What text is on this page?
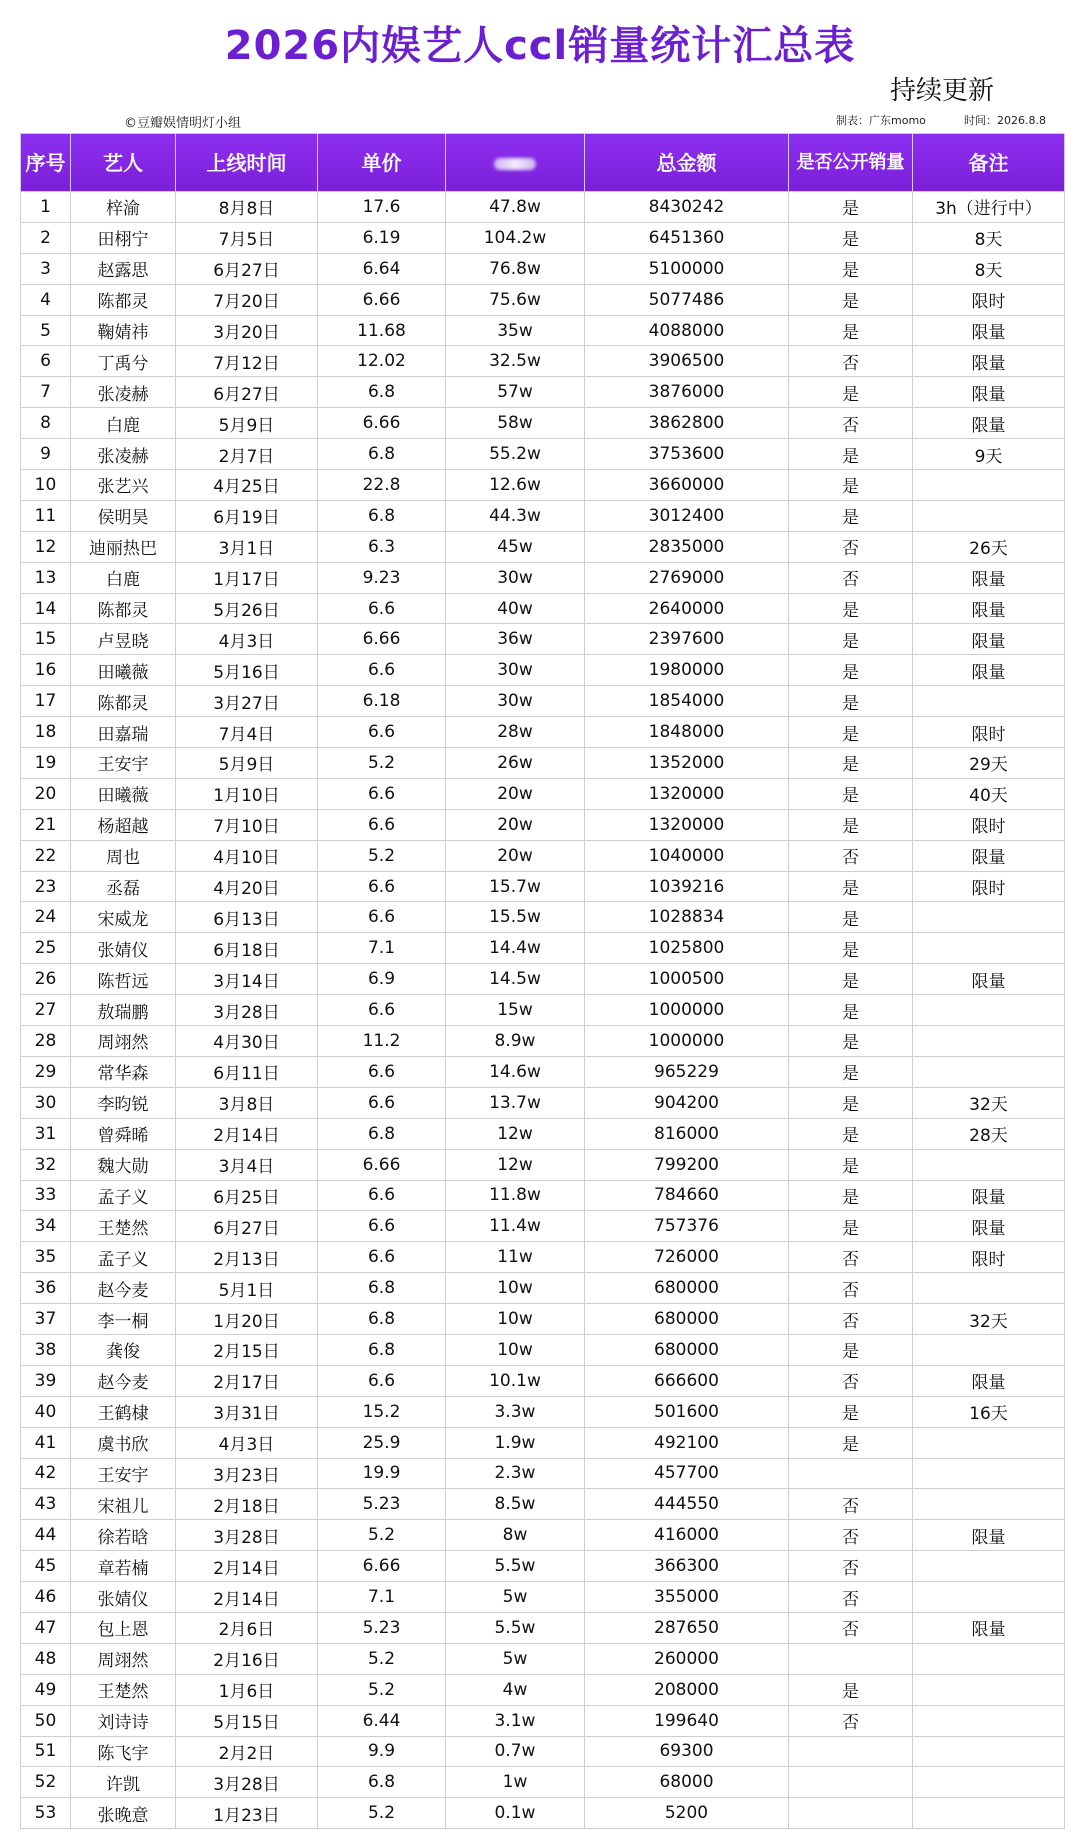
2026内娱艺人ccl销量统计汇总表
持续更新
©豆瓣娱情明灯小组	制表：广东momo	时间：2026.8.8
序号	艺人	上线时间	单价		总金额	是否公开销量	备注
1	梓渝	8月8日	17.6	47.8w	8430242	是	3h（进行中）
2	田栩宁	7月5日	6.19	104.2w	6451360	是	8天
3	赵露思	6月27日	6.64	76.8w	5100000	是	8天
4	陈都灵	7月20日	6.66	75.6w	5077486	是	限时
5	鞠婧祎	3月20日	11.68	35w	4088000	是	限量
6	丁禹兮	7月12日	12.02	32.5w	3906500	否	限量
7	张凌赫	6月27日	6.8	57w	3876000	是	限量
8	白鹿	5月9日	6.66	58w	3862800	否	限量
9	张凌赫	2月7日	6.8	55.2w	3753600	是	9天
10	张艺兴	4月25日	22.8	12.6w	3660000	是	
11	侯明昊	6月19日	6.8	44.3w	3012400	是	
12	迪丽热巴	3月1日	6.3	45w	2835000	否	26天
13	白鹿	1月17日	9.23	30w	2769000	否	限量
14	陈都灵	5月26日	6.6	40w	2640000	是	限量
15	卢昱晓	4月3日	6.66	36w	2397600	是	限量
16	田曦薇	5月16日	6.6	30w	1980000	是	限量
17	陈都灵	3月27日	6.18	30w	1854000	是	
18	田嘉瑞	7月4日	6.6	28w	1848000	是	限时
19	王安宇	5月9日	5.2	26w	1352000	是	29天
20	田曦薇	1月10日	6.6	20w	1320000	是	40天
21	杨超越	7月10日	6.6	20w	1320000	是	限时
22	周也	4月10日	5.2	20w	1040000	否	限量
23	丞磊	4月20日	6.6	15.7w	1039216	是	限时
24	宋威龙	6月13日	6.6	15.5w	1028834	是	
25	张婧仪	6月18日	7.1	14.4w	1025800	是	
26	陈哲远	3月14日	6.9	14.5w	1000500	是	限量
27	敖瑞鹏	3月28日	6.6	15w	1000000	是	
28	周翊然	4月30日	11.2	8.9w	1000000	是	
29	常华森	6月11日	6.6	14.6w	965229	是	
30	李昀锐	3月8日	6.6	13.7w	904200	是	32天
31	曾舜晞	2月14日	6.8	12w	816000	是	28天
32	魏大勋	3月4日	6.66	12w	799200	是	
33	孟子义	6月25日	6.6	11.8w	784660	是	限量
34	王楚然	6月27日	6.6	11.4w	757376	是	限量
35	孟子义	2月13日	6.6	11w	726000	否	限时
36	赵今麦	5月1日	6.8	10w	680000	否	
37	李一桐	1月20日	6.8	10w	680000	否	32天
38	龚俊	2月15日	6.8	10w	680000	是	
39	赵今麦	2月17日	6.6	10.1w	666600	否	限量
40	王鹤棣	3月31日	15.2	3.3w	501600	是	16天
41	虞书欣	4月3日	25.9	1.9w	492100	是	
42	王安宇	3月23日	19.9	2.3w	457700		
43	宋祖儿	2月18日	5.23	8.5w	444550	否	
44	徐若晗	3月28日	5.2	8w	416000	否	限量
45	章若楠	2月14日	6.66	5.5w	366300	否	
46	张婧仪	2月14日	7.1	5w	355000	否	
47	包上恩	2月6日	5.23	5.5w	287650	否	限量
48	周翊然	2月16日	5.2	5w	260000		
49	王楚然	1月6日	5.2	4w	208000	是	
50	刘诗诗	5月15日	6.44	3.1w	199640	否	
51	陈飞宇	2月2日	9.9	0.7w	69300		
52	许凯	3月28日	6.8	1w	68000		
53	张晚意	1月23日	5.2	0.1w	5200		
